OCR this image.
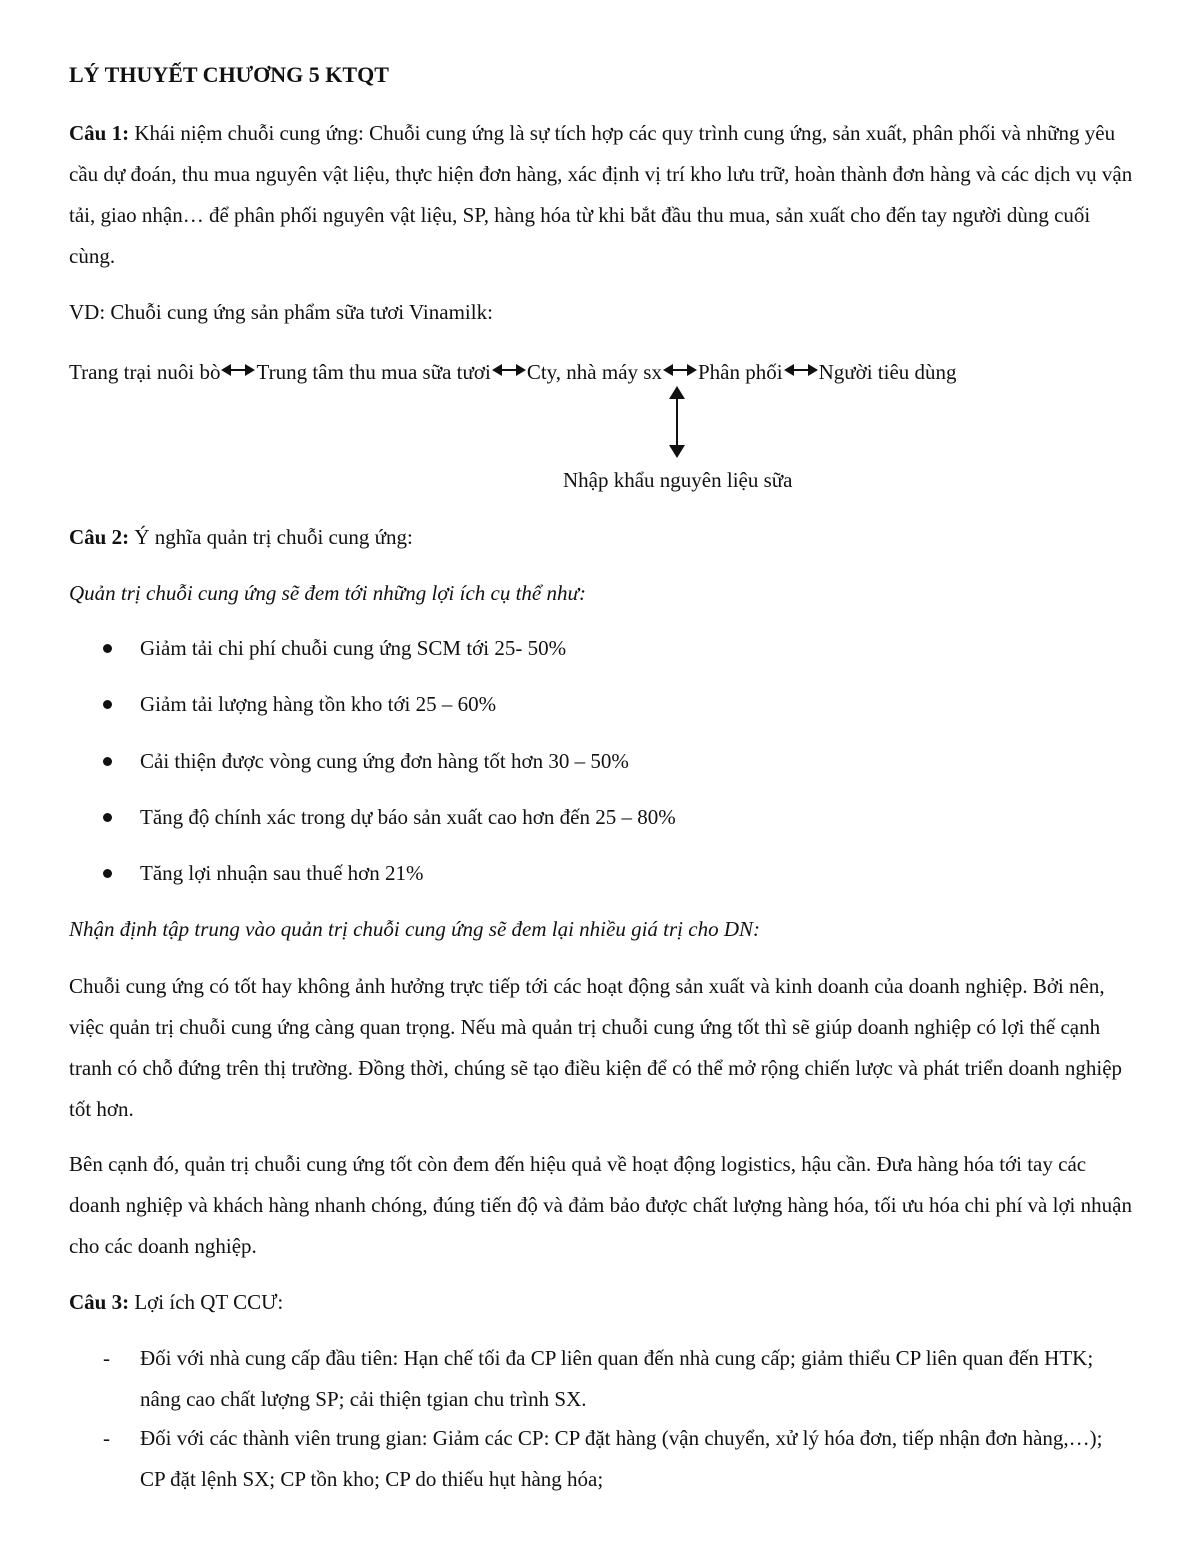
LÝ THUYẾT CHƯƠNG 5 KTQT

Câu 1: Khái niệm chuỗi cung ứng: Chuỗi cung ứng là sự tích hợp các quy trình cung ứng, sản xuất, phân phối và những yêu cầu dự đoán, thu mua nguyên vật liệu, thực hiện đơn hàng, xác định vị trí kho lưu trữ, hoàn thành đơn hàng và các dịch vụ vận tải, giao nhận… để phân phối nguyên vật liệu, SP, hàng hóa từ khi bắt đầu thu mua, sản xuất cho đến tay người dùng cuối cùng.

VD: Chuỗi cung ứng sản phẩm sữa tươi Vinamilk:

Trang trại nuôi bò Trung tâm thu mua sữa tươi
Cty, nhà máy sx
Phân phối Người tiêu dùng
Nhập khẩu nguyên liệu sữa

Câu 2: Ý nghĩa quản trị chuỗi cung ứng:

Quản trị chuỗi cung ứng sẽ đem tới những lợi ích cụ thể như:

Giảm tải chi phí chuỗi cung ứng SCM tới 25- 50%
Giảm tải lượng hàng tồn kho tới 25 – 60%
Cải thiện được vòng cung ứng đơn hàng tốt hơn 30 – 50%
Tăng độ chính xác trong dự báo sản xuất cao hơn đến 25 – 80%
Tăng lợi nhuận sau thuế hơn 21%

Nhận định tập trung vào quản trị chuỗi cung ứng sẽ đem lại nhiều giá trị cho DN:

Chuỗi cung ứng có tốt hay không ảnh hưởng trực tiếp tới các hoạt động sản xuất và kinh doanh của doanh nghiệp. Bởi nên, việc quản trị chuỗi cung ứng càng quan trọng. Nếu mà quản trị chuỗi cung ứng tốt thì sẽ giúp doanh nghiệp có lợi thế cạnh tranh có chỗ đứng trên thị trường. Đồng thời, chúng sẽ tạo điều kiện để có thể mở rộng chiến lược và phát triển doanh nghiệp tốt hơn.

Bên cạnh đó, quản trị chuỗi cung ứng tốt còn đem đến hiệu quả về hoạt động logistics, hậu cần. Đưa hàng hóa tới tay các doanh nghiệp và khách hàng nhanh chóng, đúng tiến độ và đảm bảo được chất lượng hàng hóa, tối ưu hóa chi phí và lợi nhuận cho các doanh nghiệp.

Câu 3: Lợi ích QT CCƯ:

- Đối với nhà cung cấp đầu tiên: Hạn chế tối đa CP liên quan đến nhà cung cấp; giảm thiểu CP liên quan đến HTK; nâng cao chất lượng SP; cải thiện tgian chu trình SX.
- Đối với các thành viên trung gian: Giảm các CP: CP đặt hàng (vận chuyển, xử lý hóa đơn, tiếp nhận đơn hàng,…); CP đặt lệnh SX; CP tồn kho; CP do thiếu hụt hàng hóa;
